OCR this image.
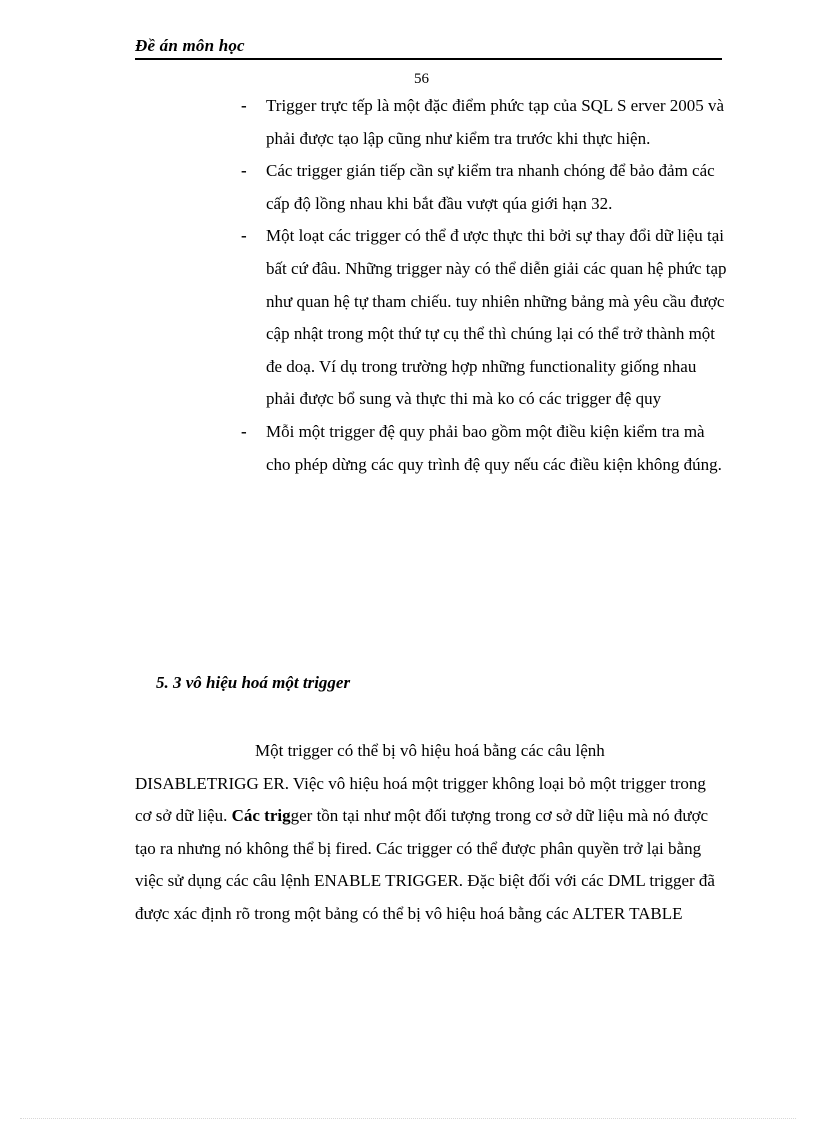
Đề án môn học
56
- Trigger trực tếp là một đặc điểm phức tạp của SQL S erver 2005 và phải được tạo lập cũng như kiểm tra trước khi thực hiện.
- Các trigger gián tiếp cần sự kiểm tra nhanh chóng để bảo đảm các cấp độ lồng nhau khi bắt đầu vượt qúa giới hạn 32.
- Một loạt các trigger có thể đ ược thực thi bởi sự thay đổi dữ liệu tại bất cứ đâu. Những trigger này có thể diễn giải các quan hệ phức tạp như quan hệ tự tham chiếu. tuy nhiên những bảng mà yêu cầu được cập nhật trong một thứ tự cụ thể thì chúng lại có thể trở thành một đe doạ. Ví dụ trong trường hợp những functionality giống nhau phải được bổ sung và thực thi mà ko có các trigger đệ quy
- Mỗi một trigger đệ quy phải bao gồm một điều kiện kiểm tra mà cho phép dừng các quy trình đệ quy nếu các điều kiện không đúng.
5. 3 vô hiệu hoá một trigger

Một trigger có thể bị vô hiệu hoá bằng các câu lệnh DISABLETRIGG ER. Việc vô hiệu hoá một trigger không loại bỏ một trigger trong cơ sở dữ liệu. Các trigger tồn tại như một đối tượng trong cơ sở dữ liệu mà nó được tạo ra nhưng nó không thể bị fired. Các trigger có thể được phân quyền trở lại bằng việc sử dụng các câu lệnh ENABLE TRIGGER. Đặc biệt đối với các DML trigger đã được xác định rõ trong một bảng có thể bị vô hiệu hoá bằng các ALTER TABLE
